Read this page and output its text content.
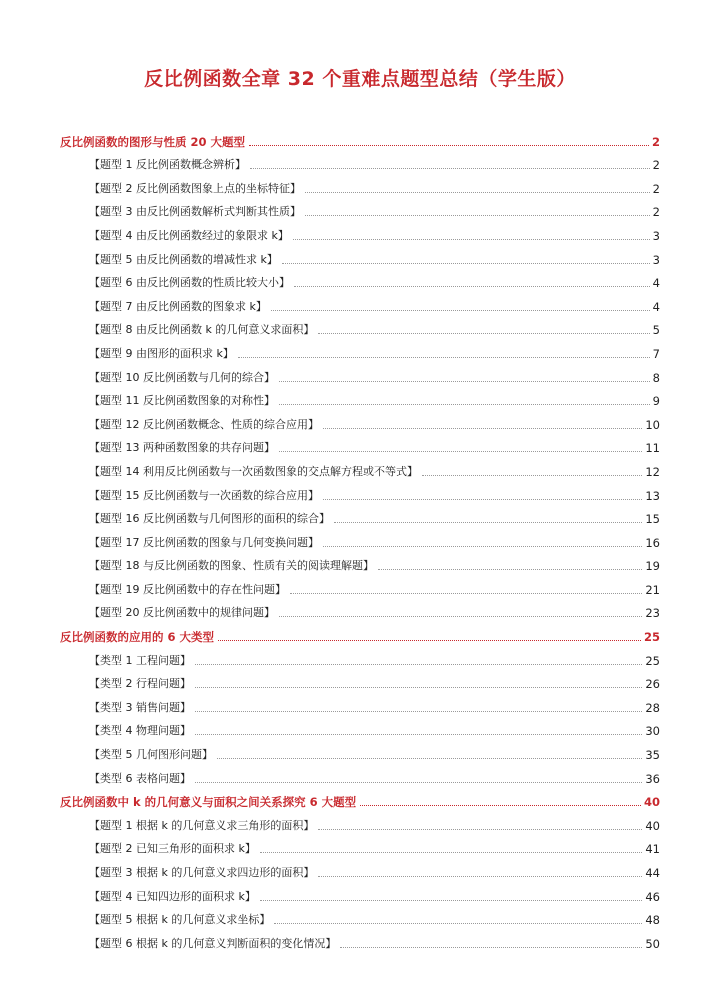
反比例函数全章 32 个重难点题型总结（学生版）
反比例函数的图形与性质 20 大题型	2
【题型 1 反比例函数概念辨析】	2
【题型 2 反比例函数图象上点的坐标特征】	2
【题型 3 由反比例函数解析式判断其性质】	2
【题型 4 由反比例函数经过的象限求 k】	3
【题型 5 由反比例函数的增减性求 k】	3
【题型 6 由反比例函数的性质比较大小】	4
【题型 7 由反比例函数的图象求 k】	4
【题型 8 由反比例函数 k 的几何意义求面积】	5
【题型 9 由图形的面积求 k】	7
【题型 10 反比例函数与几何的综合】	8
【题型 11 反比例函数图象的对称性】	9
【题型 12 反比例函数概念、性质的综合应用】	10
【题型 13 两种函数图象的共存问题】	11
【题型 14 利用反比例函数与一次函数图象的交点解方程或不等式】	12
【题型 15 反比例函数与一次函数的综合应用】	13
【题型 16 反比例函数与几何图形的面积的综合】	15
【题型 17 反比例函数的图象与几何变换问题】	16
【题型 18 与反比例函数的图象、性质有关的阅读理解题】	19
【题型 19 反比例函数中的存在性问题】	21
【题型 20 反比例函数中的规律问题】	23
反比例函数的应用的 6 大类型	25
【类型 1 工程问题】	25
【类型 2 行程问题】	26
【类型 3 销售问题】	28
【类型 4 物理问题】	30
【类型 5 几何图形问题】	35
【类型 6 表格问题】	36
反比例函数中 k 的几何意义与面积之间关系探究 6 大题型	40
【题型 1 根据 k 的几何意义求三角形的面积】	40
【题型 2 已知三角形的面积求 k】	41
【题型 3 根据 k 的几何意义求四边形的面积】	44
【题型 4 已知四边形的面积求 k】	46
【题型 5 根据 k 的几何意义求坐标】	48
【题型 6 根据 k 的几何意义判断面积的变化情况】	50
